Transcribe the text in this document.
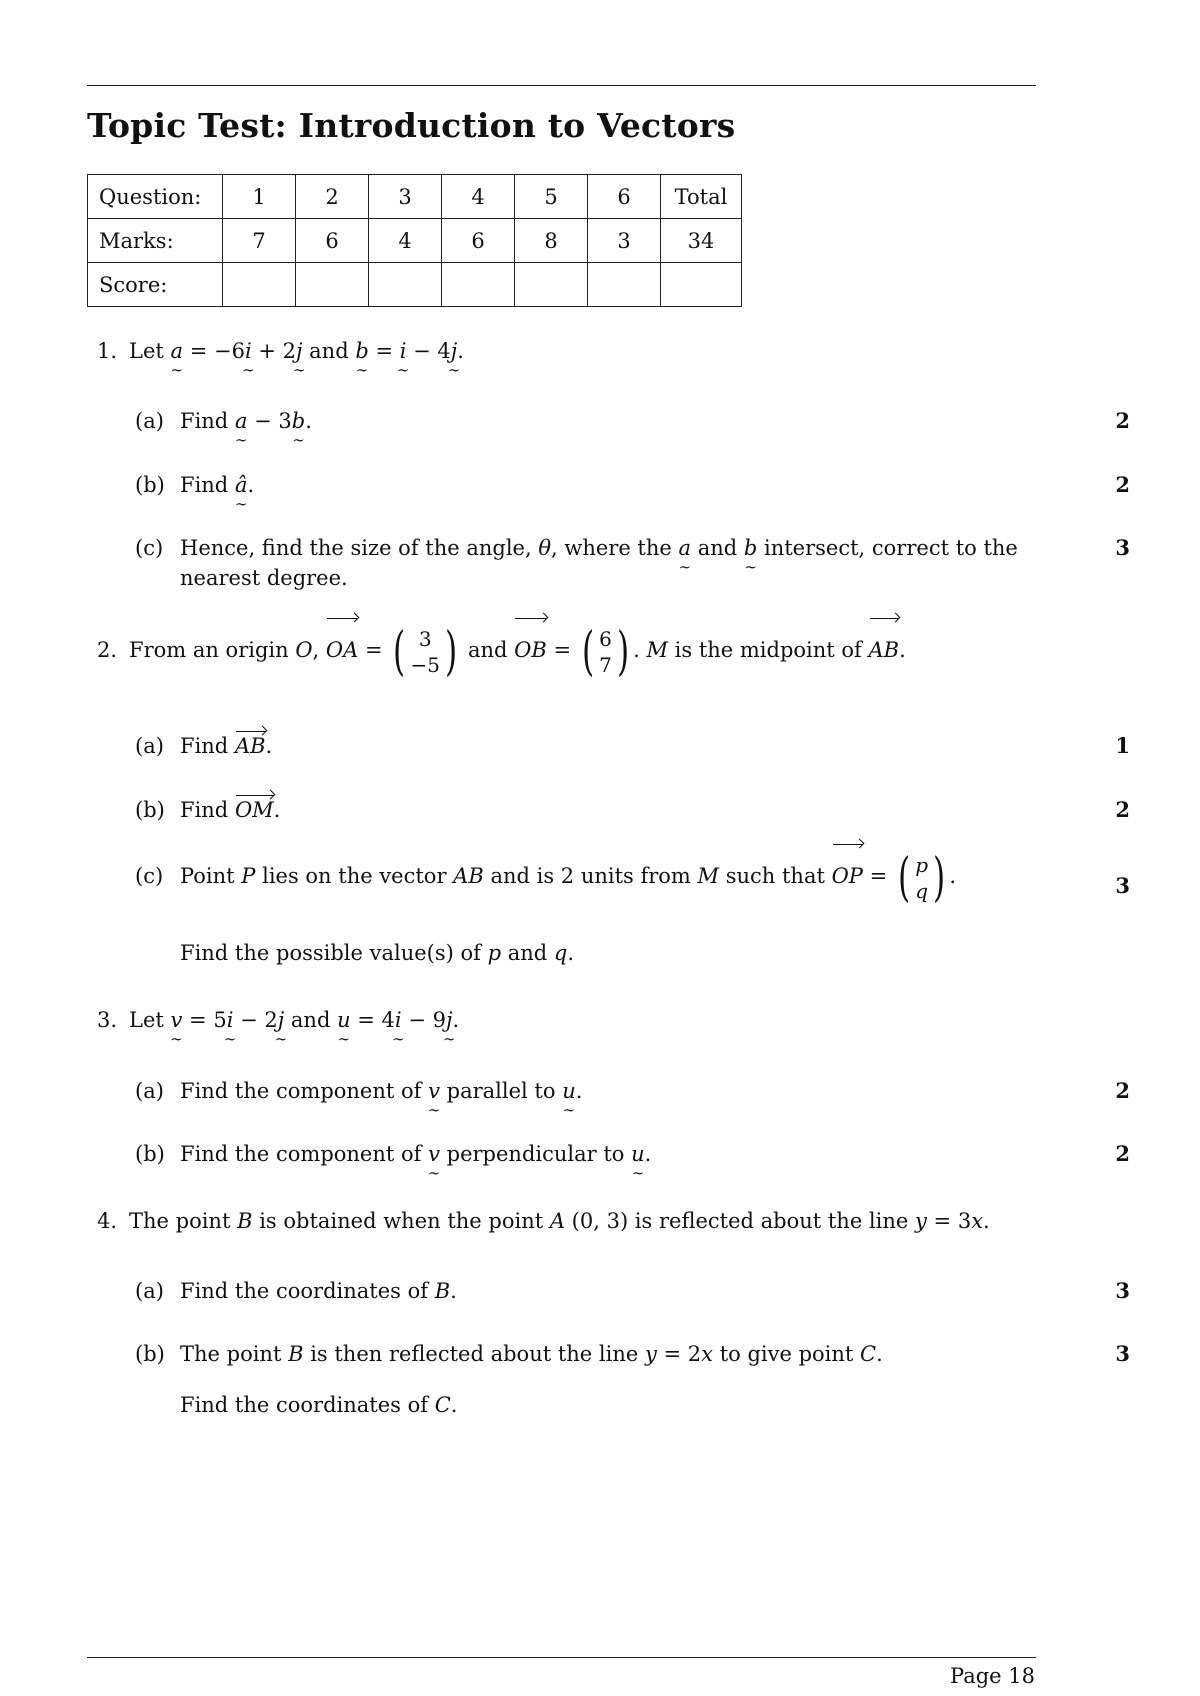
Topic Test: Introduction to Vectors
Question:	1	2	3	4	5	6	Total
Marks:	7	6	4	6	8	3	34
Score:							
1. Let a ∼ = −6i ∼ + 2j ∼ and b ∼ = i ∼ − 4j ∼.
(a) Find a ∼ − 3b ∼.	2
(b) Find â ∼.	2
(c) Hence, find the size of the angle, θ, where the a ∼ and b ∼ intersect, correct to the
nearest degree.
3
2. From an origin O, OA = ( 3
−5 ) and OB = ( 6
7 ) . M is the midpoint of AB.
(a) Find AB.	1
(b) Find OM.	2
(c) Point P lies on the vector AB and is 2 units from M such that OP = ( p
q ) .	3
Find the possible value(s) of p and q.
3. Let v ∼ = 5i ∼ − 2j ∼ and u ∼ = 4i ∼ − 9j ∼.
(a) Find the component of v ∼ parallel to u ∼.	2
(b) Find the component of v ∼ perpendicular to u ∼.	2
4. The point B is obtained when the point A (0, 3) is reflected about the line y = 3x.
(a) Find the coordinates of B.	3
(b) The point B is then reflected about the line y = 2x to give point C.	3
Find the coordinates of C.
Page 18
